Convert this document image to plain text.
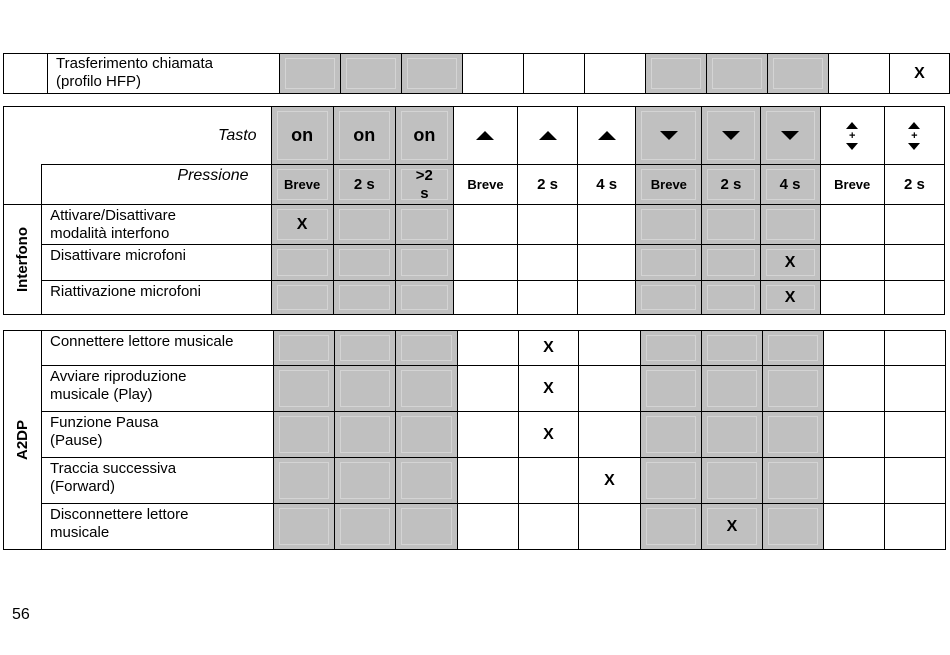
Trasferimento chiamata
(profilo HFP)											X
Tasto		on	on	on							+	+

	Pressione	Breve	2 s	>2 s	Breve	2 s	4 s	Breve	2 s	4 s	Breve	2 s

Interfono	Attivare/Disattivare
modalità interfono	X										

	Disattivare microfoni									X		

	Riattivazione microfoni									X		
A2DP	Connettere lettore musicale					X						

	Avviare riproduzione
musicale (Play)					X						

	Funzione Pausa
(Pause)					X						

	Traccia successiva
(Forward)						X					

	Disconnettere lettore
musicale								X			
56
